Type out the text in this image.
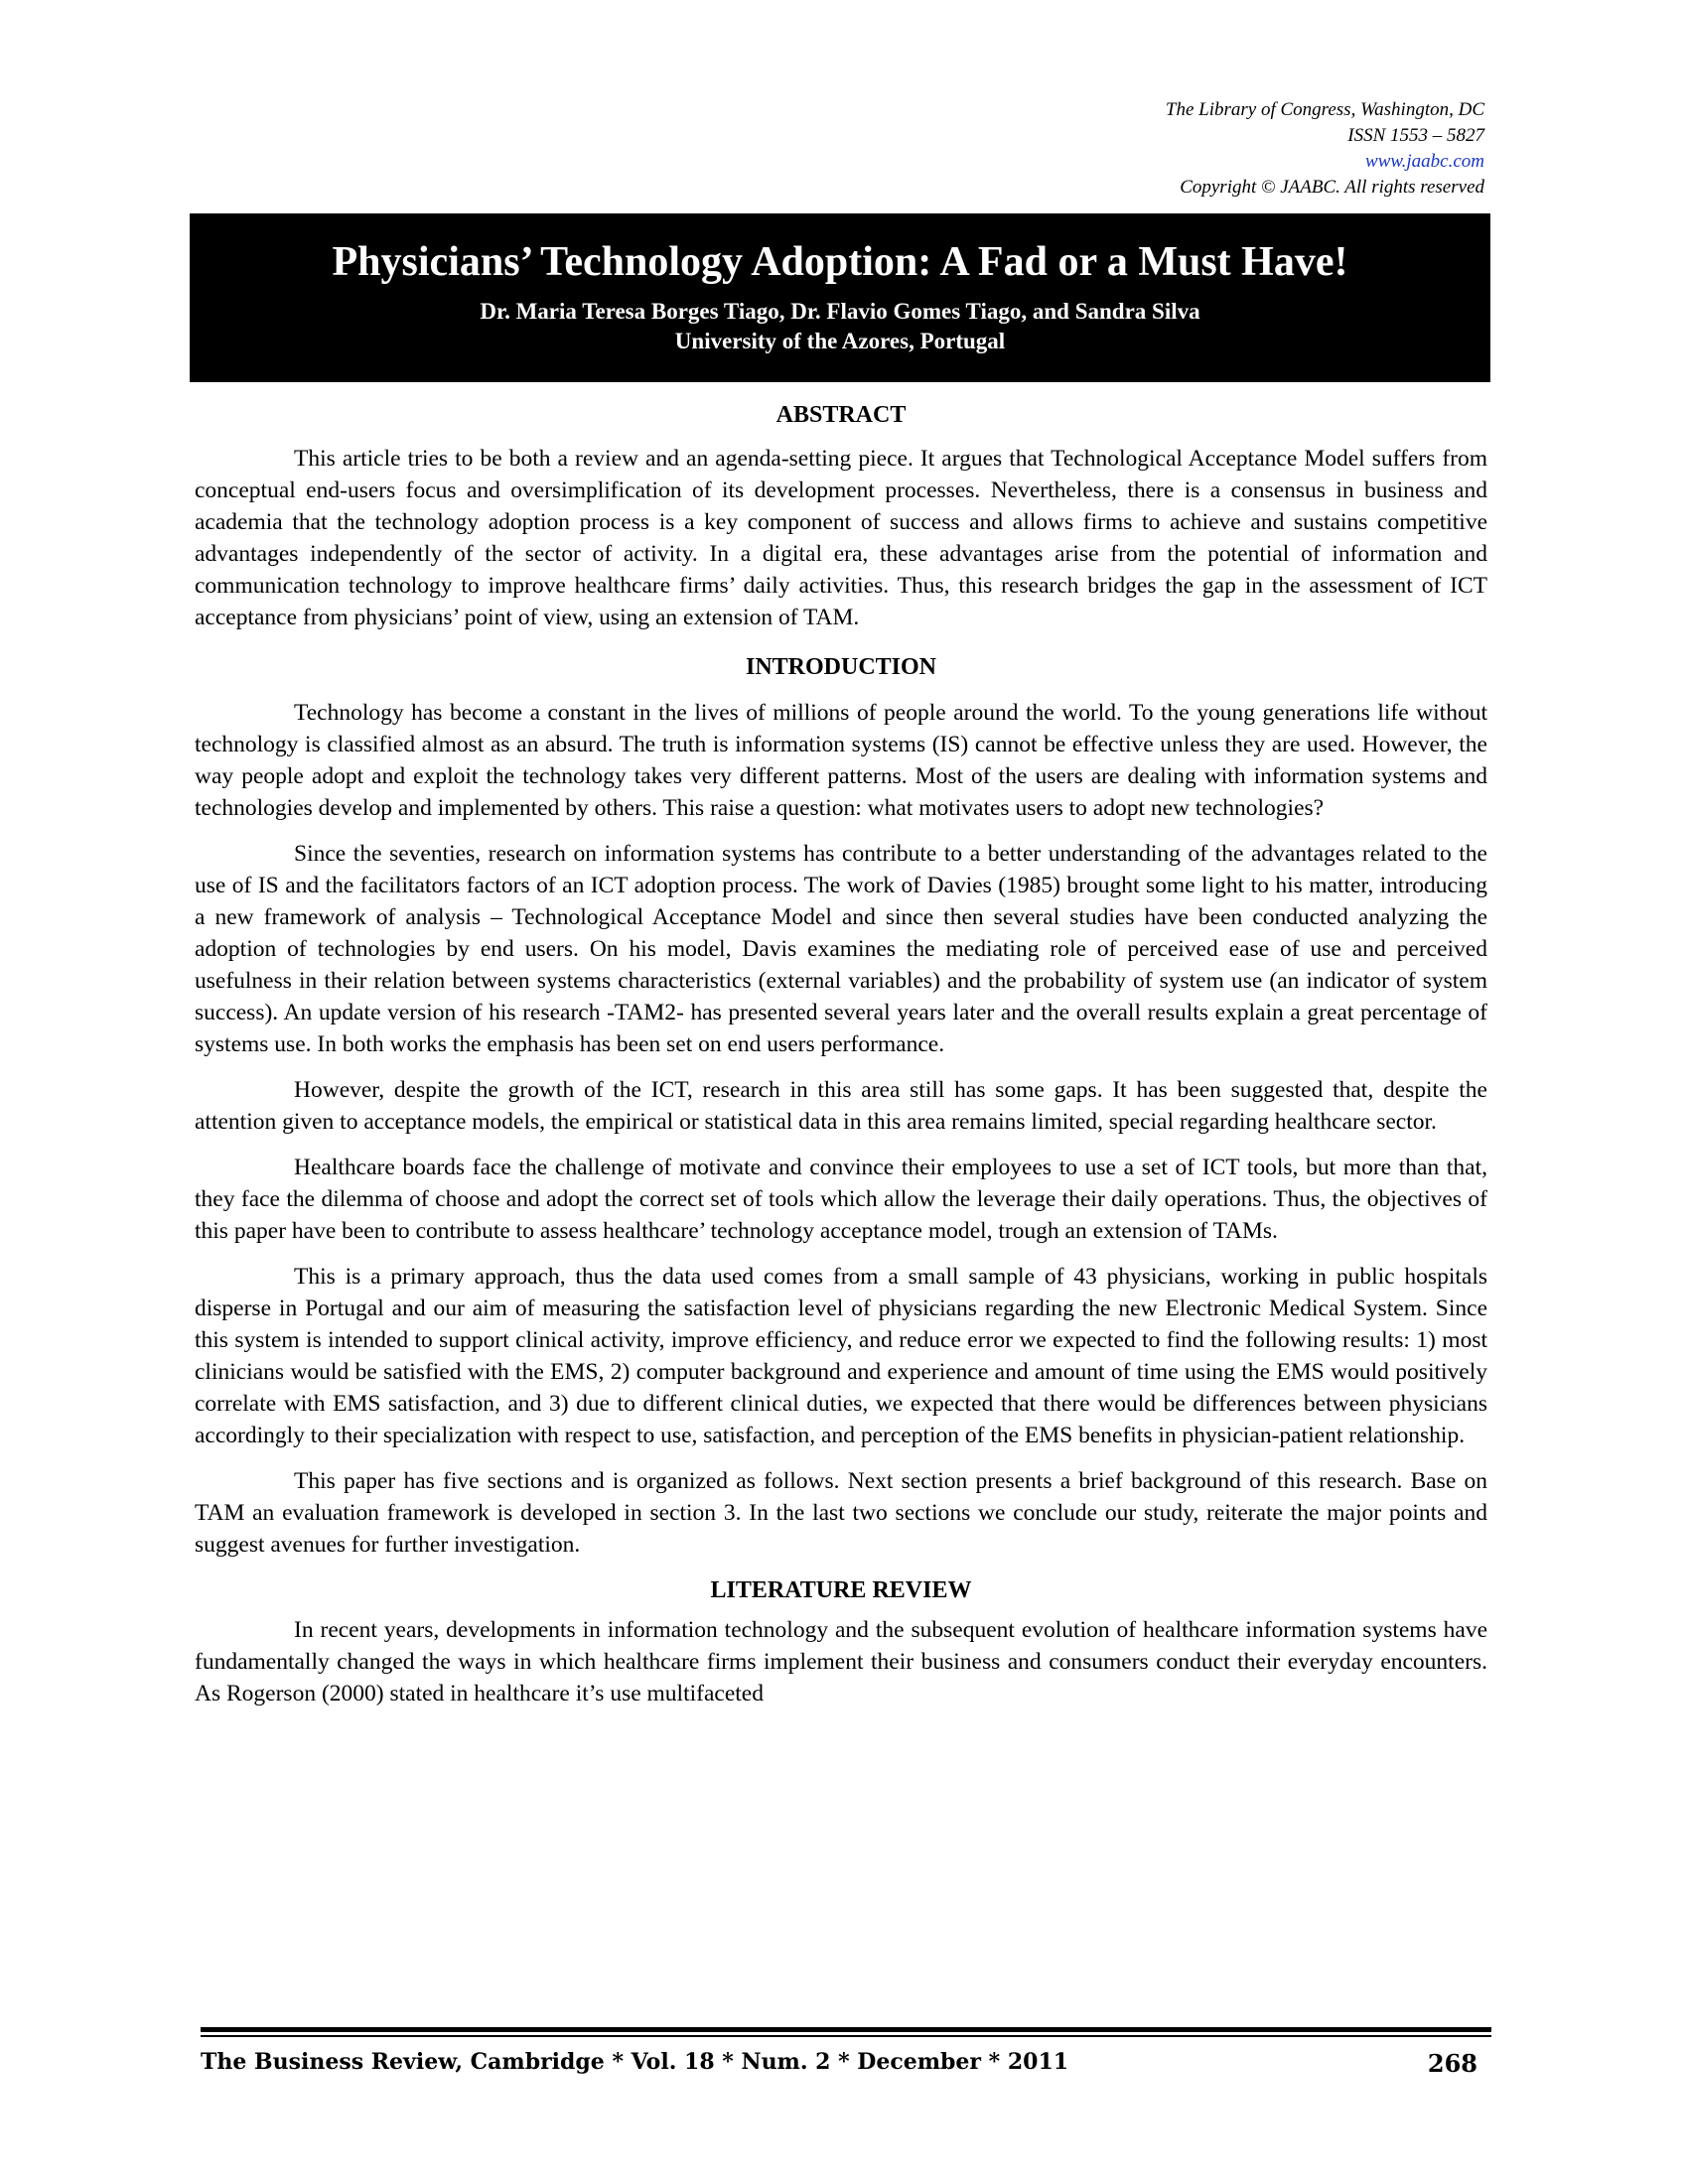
The Library of Congress, Washington, DC
ISSN 1553 – 5827
www.jaabc.com
Copyright © JAABC. All rights reserved
Physicians’ Technology Adoption: A Fad or a Must Have!
Dr. Maria Teresa Borges Tiago, Dr. Flavio Gomes Tiago, and Sandra Silva
University of the Azores, Portugal
ABSTRACT

This article tries to be both a review and an agenda-setting piece. It argues that Technological Acceptance Model suffers from conceptual end-users focus and oversimplification of its development processes. Nevertheless, there is a consensus in business and academia that the technology adoption process is a key component of success and allows firms to achieve and sustains competitive advantages independently of the sector of activity. In a digital era, these advantages arise from the potential of information and communication technology to improve healthcare firms’ daily activities. Thus, this research bridges the gap in the assessment of ICT acceptance from physicians’ point of view, using an extension of TAM.

INTRODUCTION

Technology has become a constant in the lives of millions of people around the world. To the young generations life without technology is classified almost as an absurd. The truth is information systems (IS) cannot be effective unless they are used. However, the way people adopt and exploit the technology takes very different patterns. Most of the users are dealing with information systems and technologies develop and implemented by others. This raise a question: what motivates users to adopt new technologies?

Since the seventies, research on information systems has contribute to a better understanding of the advantages related to the use of IS and the facilitators factors of an ICT adoption process. The work of Davies (1985) brought some light to his matter, introducing a new framework of analysis – Technological Acceptance Model and since then several studies have been conducted analyzing the adoption of technologies by end users. On his model, Davis examines the mediating role of perceived ease of use and perceived usefulness in their relation between systems characteristics (external variables) and the probability of system use (an indicator of system success). An update version of his research -TAM2- has presented several years later and the overall results explain a great percentage of systems use. In both works the emphasis has been set on end users performance.

However, despite the growth of the ICT, research in this area still has some gaps. It has been suggested that, despite the attention given to acceptance models, the empirical or statistical data in this area remains limited, special regarding healthcare sector.

Healthcare boards face the challenge of motivate and convince their employees to use a set of ICT tools, but more than that, they face the dilemma of choose and adopt the correct set of tools which allow the leverage their daily operations. Thus, the objectives of this paper have been to contribute to assess healthcare’ technology acceptance model, trough an extension of TAMs.

This is a primary approach, thus the data used comes from a small sample of 43 physicians, working in public hospitals disperse in Portugal and our aim of measuring the satisfaction level of physicians regarding the new Electronic Medical System. Since this system is intended to support clinical activity, improve efficiency, and reduce error we expected to find the following results: 1) most clinicians would be satisfied with the EMS, 2) computer background and experience and amount of time using the EMS would positively correlate with EMS satisfaction, and 3) due to different clinical duties, we expected that there would be differences between physicians accordingly to their specialization with respect to use, satisfaction, and perception of the EMS benefits in physician-patient relationship.

This paper has five sections and is organized as follows. Next section presents a brief background of this research. Base on TAM an evaluation framework is developed in section 3. In the last two sections we conclude our study, reiterate the major points and suggest avenues for further investigation.

LITERATURE REVIEW

In recent years, developments in information technology and the subsequent evolution of healthcare information systems have fundamentally changed the ways in which healthcare firms implement their business and consumers conduct their everyday encounters. As Rogerson (2000) stated in healthcare it’s use multifaceted

The Business Review, Cambridge * Vol. 18 * Num. 2 * December * 2011	268
